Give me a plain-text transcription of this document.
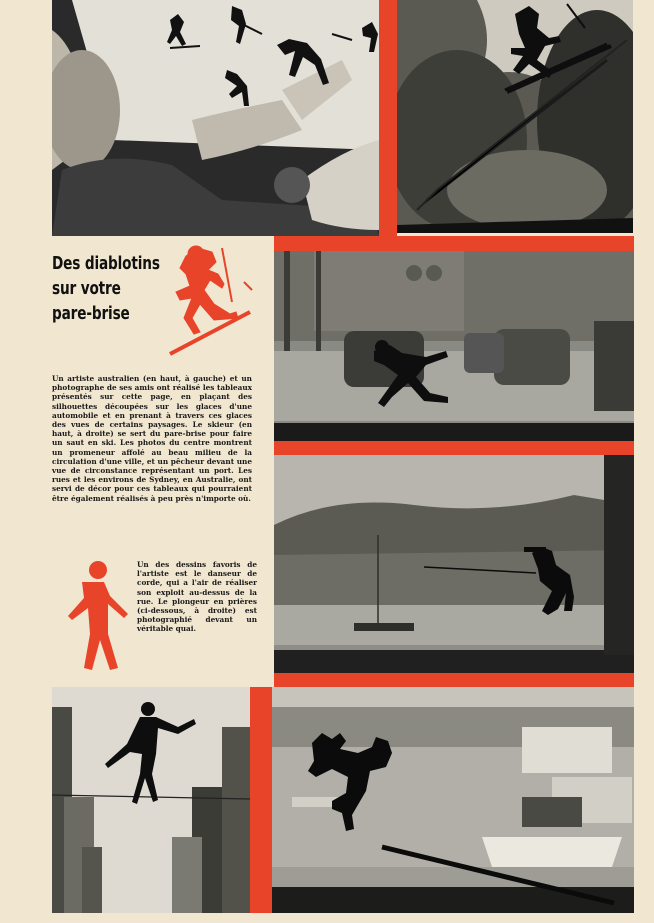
Des diablotins
sur votre
pare-brise
Un artiste australien (en haut, à gauche) et un photographe de ses amis ont réalisé les tableaux présentés sur cette page, en plaçant des silhouettes découpées sur les glaces d'une automobile et en prenant à travers ces glaces des vues de certains paysages. Le skieur (en haut, à droite) se sert du pare-brise pour faire un saut en ski. Les photos du centre montrent un promeneur affolé au beau milieu de la circulation d'une ville, et un pêcheur devant une vue de circonstance représentant un port. Les rues et les environs de Sydney, en Australie, ont servi de décor pour ces tableaux qui pourraient être également réalisés à peu près n'importe où.
Un des dessins favoris de l'artiste est le danseur de corde, qui a l'air de réaliser son exploit au-dessus de la rue. Le plongeur en prières (ci-dessous, à droite) est photographié devant un véritable quai.
